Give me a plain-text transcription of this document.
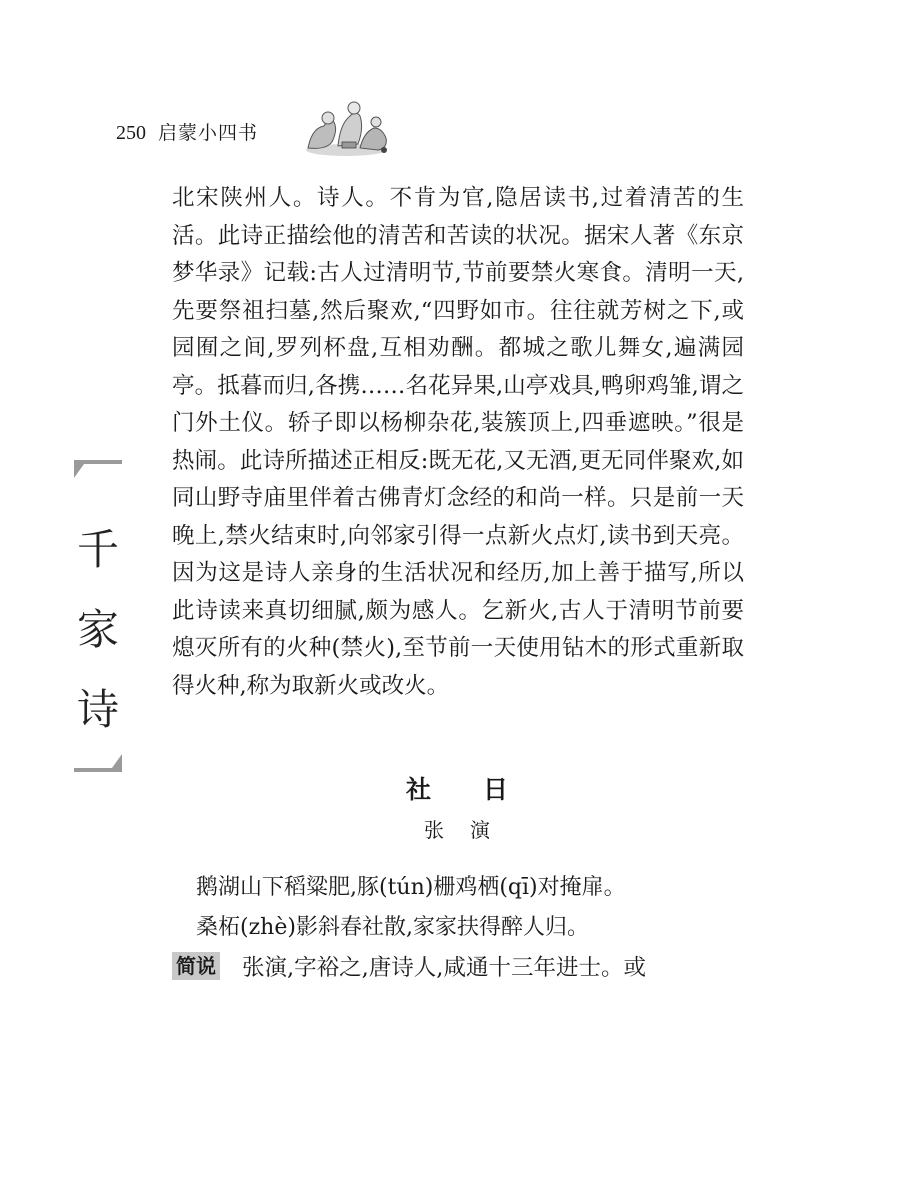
250 启蒙小四书
千
家
诗

北宋陕州人。诗人。不肯为官,隐居读书,过着清苦的生活。此诗正描绘他的清苦和苦读的状况。据宋人著《东京梦华录》记载:古人过清明节,节前要禁火寒食。清明一天,先要祭祖扫墓,然后聚欢,“四野如市。往往就芳树之下,或园囿之间,罗列杯盘,互相劝酬。都城之歌儿舞女,遍满园亭。抵暮而归,各携……名花异果,山亭戏具,鸭卵鸡雏,谓之门外土仪。轿子即以杨柳杂花,装簇顶上,四垂遮映。”很是热闹。此诗所描述正相反:既无花,又无酒,更无同伴聚欢,如同山野寺庙里伴着古佛青灯念经的和尚一样。只是前一天晚上,禁火结束时,向邻家引得一点新火点灯,读书到天亮。因为这是诗人亲身的生活状况和经历,加上善于描写,所以此诗读来真切细腻,颇为感人。乞新火,古人于清明节前要熄灭所有的火种(禁火),至节前一天使用钻木的形式重新取得火种,称为取新火或改火。

社 日
张 演
鹅湖山下稻粱肥,豚(tún)栅鸡栖(qī)对掩扉。
桑柘(zhè)影斜春社散,家家扶得醉人归。
简说 张演,字裕之,唐诗人,咸通十三年进士。或
